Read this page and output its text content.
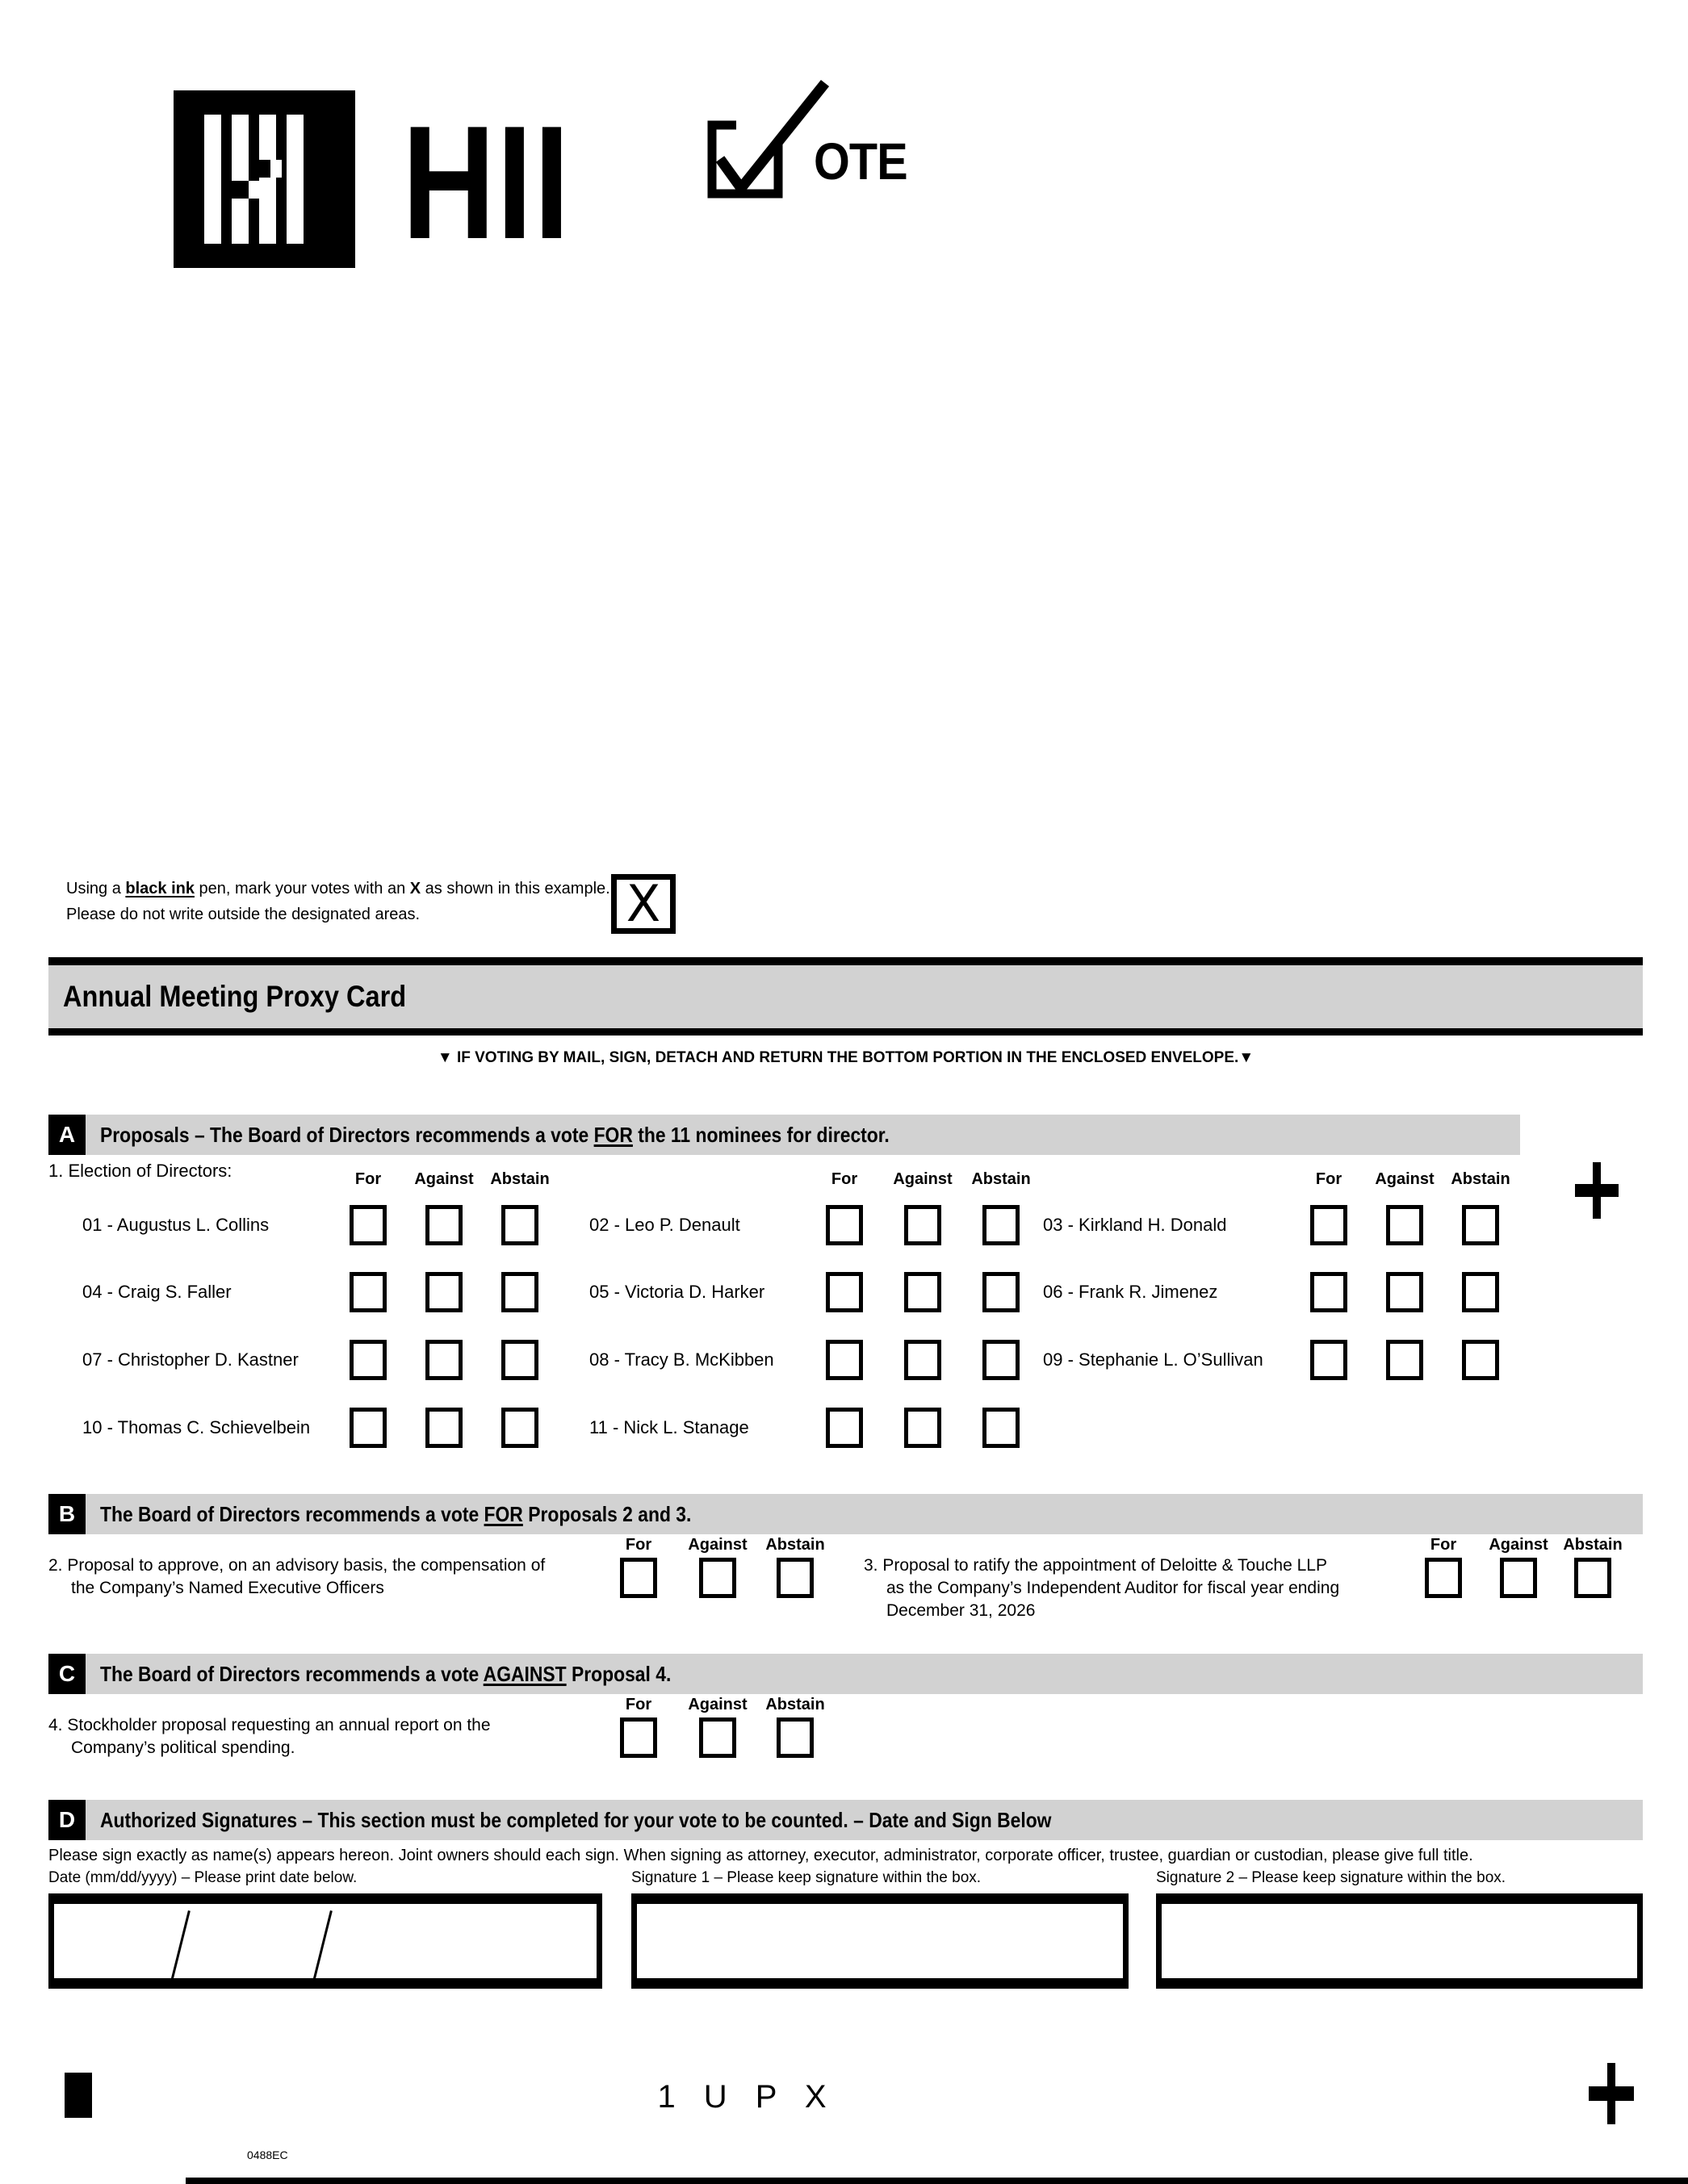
HII	OTE
Using a black ink pen, mark your votes with an X as shown in this example.
Please do not write outside the designated areas.	X
Annual Meeting Proxy Card
▼ IF VOTING BY MAIL, SIGN, DETACH AND RETURN THE BOTTOM PORTION IN THE ENCLOSED ENVELOPE.▼
A	Proposals – The Board of Directors recommends a vote FOR the 11 nominees for director.
1. Election of Directors:
B	The Board of Directors recommends a vote FOR Proposals 2 and 3.
2. Proposal to approve, on an advisory basis, the compensation of
the Company’s Named Executive Officers
3. Proposal to ratify the appointment of Deloitte & Touche LLP
as the Company’s Independent Auditor for fiscal year ending
December 31, 2026
C	The Board of Directors recommends a vote AGAINST Proposal 4.
4. Stockholder proposal requesting an annual report on the
Company’s political spending.
D	Authorized Signatures – This section must be completed for your vote to be counted. – Date and Sign Below
Please sign exactly as name(s) appears hereon. Joint owners should each sign. When signing as attorney, executor, administrator, corporate officer, trustee, guardian or custodian, please give full title.
Date (mm/dd/yyyy) – Please print date below.	Signature 1 – Please keep signature within the box.	Signature 2 – Please keep signature within the box.
1 U P X
0488EC
For Against Abstain	For Against Abstain	For Against Abstain
01 - Augustus L. Collins	02 - Leo P. Denault	03 - Kirkland H. Donald
04 - Craig S. Faller	05 - Victoria D. Harker	06 - Frank R. Jimenez
07 - Christopher D. Kastner	08 - Tracy B. McKibben	09 - Stephanie L. O’Sullivan
10 - Thomas C. Schievelbein	11 - Nick L. Stanage
For Against Abstain	For Against Abstain
For Against Abstain
